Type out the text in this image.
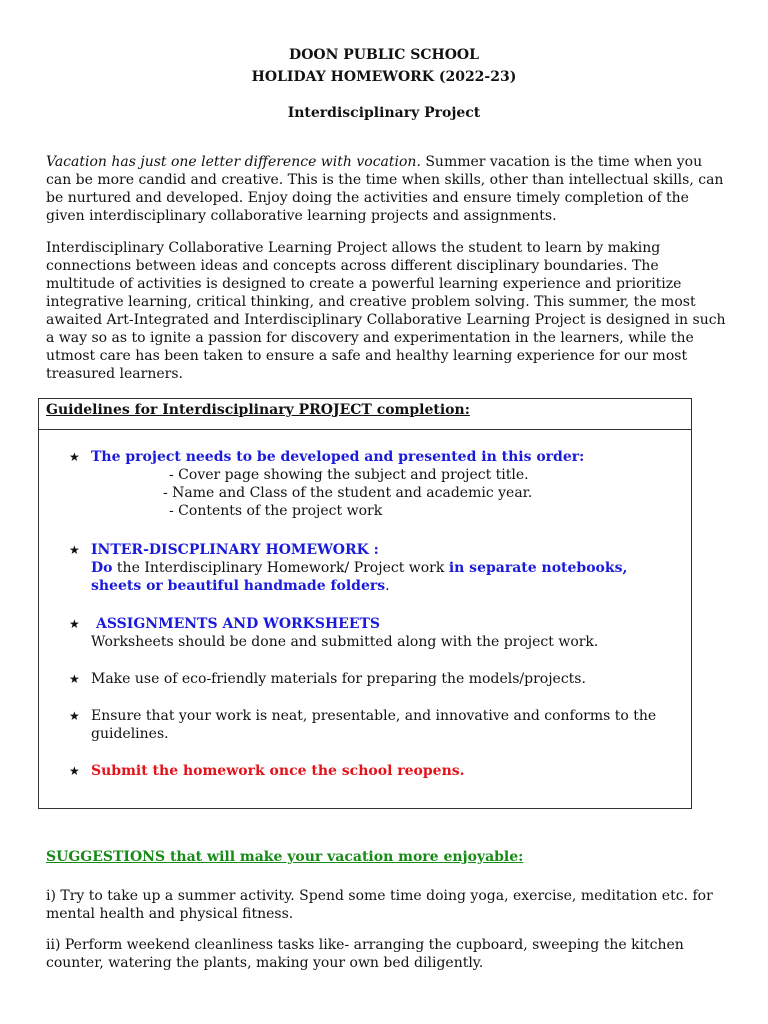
DOON PUBLIC SCHOOL
HOLIDAY HOMEWORK (2022-23)
Interdisciplinary Project

Vacation has just one letter difference with vocation. Summer vacation is the time when you can be more candid and creative. This is the time when skills, other than intellectual skills, can be nurtured and developed. Enjoy doing the activities and ensure timely completion of the given interdisciplinary collaborative learning projects and assignments.

Interdisciplinary Collaborative Learning Project allows the student to learn by making connections between ideas and concepts across different disciplinary boundaries. The multitude of activities is designed to create a powerful learning experience and prioritize integrative learning, critical thinking, and creative problem solving. This summer, the most awaited Art-Integrated and Interdisciplinary Collaborative Learning Project is designed in such a way so as to ignite a passion for discovery and experimentation in the learners, while the utmost care has been taken to ensure a safe and healthy learning experience for our most treasured learners.

Guidelines for Interdisciplinary PROJECT completion:
★ The project needs to be developed and presented in this order:
- Cover page showing the subject and project title.
- Name and Class of the student and academic year.
- Contents of the project work
★ INTER-DISCPLINARY HOMEWORK :
Do the Interdisciplinary Homework/ Project work in separate notebooks, sheets or beautiful handmade folders.
★	ASSIGNMENTS AND WORKSHEETS
Worksheets should be done and submitted along with the project work.
★ Make use of eco-friendly materials for preparing the models/projects.
★ Ensure that your work is neat, presentable, and innovative and conforms to the guidelines.
★ Submit the homework once the school reopens.
SUGGESTIONS that will make your vacation more enjoyable:

i) Try to take up a summer activity. Spend some time doing yoga, exercise, meditation etc. for mental health and physical fitness.

ii) Perform weekend cleanliness tasks like- arranging the cupboard, sweeping the kitchen counter, watering the plants, making your own bed diligently.
